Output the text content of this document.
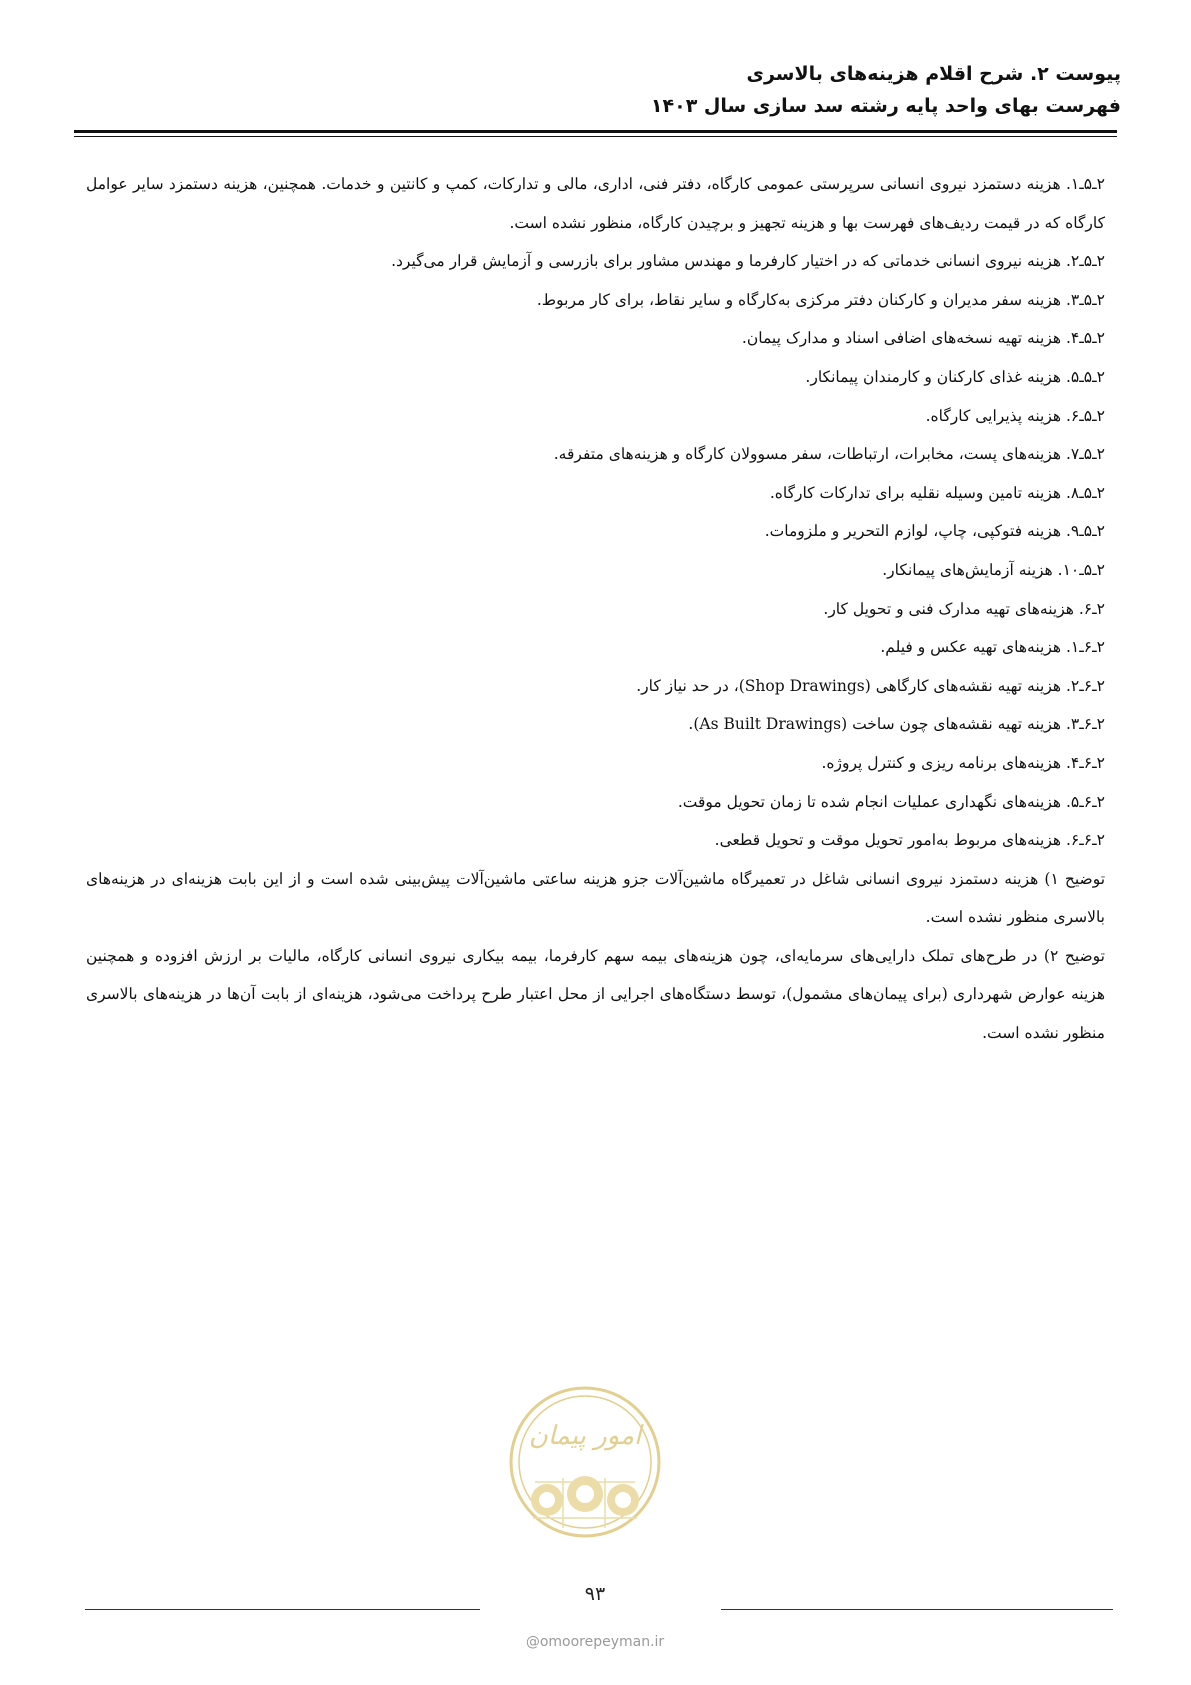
پیوست ۲. شرح اقلام هزینه‌های بالاسری
فهرست بهای واحد پایه رشته سد سازی سال ۱۴۰۳

۲ـ۵ـ۱. هزینه دستمزد نیروی انسانی سرپرستی عمومی کارگاه، دفتر فنی، اداری، مالی و تدارکات، کمپ و کانتین و خدمات. همچنین، هزینه دستمزد سایر عوامل کارگاه که در قیمت ردیف‌های فهرست بها و هزینه تجهیز و برچیدن کارگاه، منظور نشده است.

۲ـ۵ـ۲. هزینه نیروی انسانی خدماتی که در اختیار کارفرما و مهندس مشاور برای بازرسی و آزمایش قرار می‌گیرد.

۲ـ۵ـ۳. هزینه سفر مدیران و کارکنان دفتر مرکزی به‌کارگاه و سایر نقاط، برای کار مربوط.

۲ـ۵ـ۴. هزینه تهیه نسخه‌های اضافی اسناد و مدارک پیمان.

۲ـ۵ـ۵. هزینه غذای کارکنان و کارمندان پیمانکار.

۲ـ۵ـ۶. هزینه پذیرایی کارگاه.

۲ـ۵ـ۷. هزینه‌های پست، مخابرات، ارتباطات، سفر مسوولان کارگاه و هزینه‌های متفرقه.

۲ـ۵ـ۸. هزینه تامین وسیله نقلیه برای تدارکات کارگاه.

۲ـ۵ـ۹. هزینه فتوکپی، چاپ، لوازم التحریر و ملزومات.

۲ـ۵ـ۱۰. هزینه آزمایش‌های پیمانکار.

۲ـ۶. هزینه‌های تهیه مدارک فنی و تحویل کار.

۲ـ۶ـ۱. هزینه‌های تهیه عکس و فیلم.

۲ـ۶ـ۲. هزینه تهیه نقشه‌های کارگاهی (Shop Drawings)، در حد نیاز کار.

۲ـ۶ـ۳. هزینه تهیه نقشه‌های چون ساخت (As Built Drawings).

۲ـ۶ـ۴. هزینه‌های برنامه ریزی و کنترل پروژه.

۲ـ۶ـ۵. هزینه‌های نگهداری عملیات انجام شده تا زمان تحویل موقت.

۲ـ۶ـ۶. هزینه‌های مربوط به‌امور تحویل موقت و تحویل قطعی.

توضیح ۱) هزینه دستمزد نیروی انسانی شاغل در تعمیرگاه ماشین‌آلات جزو هزینه ساعتی ماشین‌آلات پیش‌بینی شده است و از این بابت هزینه‌ای در هزینه‌های بالاسری منظور نشده است.

توضیح ۲) در طرح‌های تملک دارایی‌های سرمایه‌ای، چون هزینه‌های بیمه سهم کارفرما، بیمه بیکاری نیروی انسانی کارگاه، مالیات بر ارزش افزوده و همچنین هزینه عوارض شهرداری (برای پیمان‌های مشمول)، توسط دستگاه‌های اجرایی از محل اعتبار طرح پرداخت می‌شود، هزینه‌ای از بابت آن‌ها در هزینه‌های بالاسری منظور نشده است.

امور پیمان
۹۳
@omoorepeyman.ir
